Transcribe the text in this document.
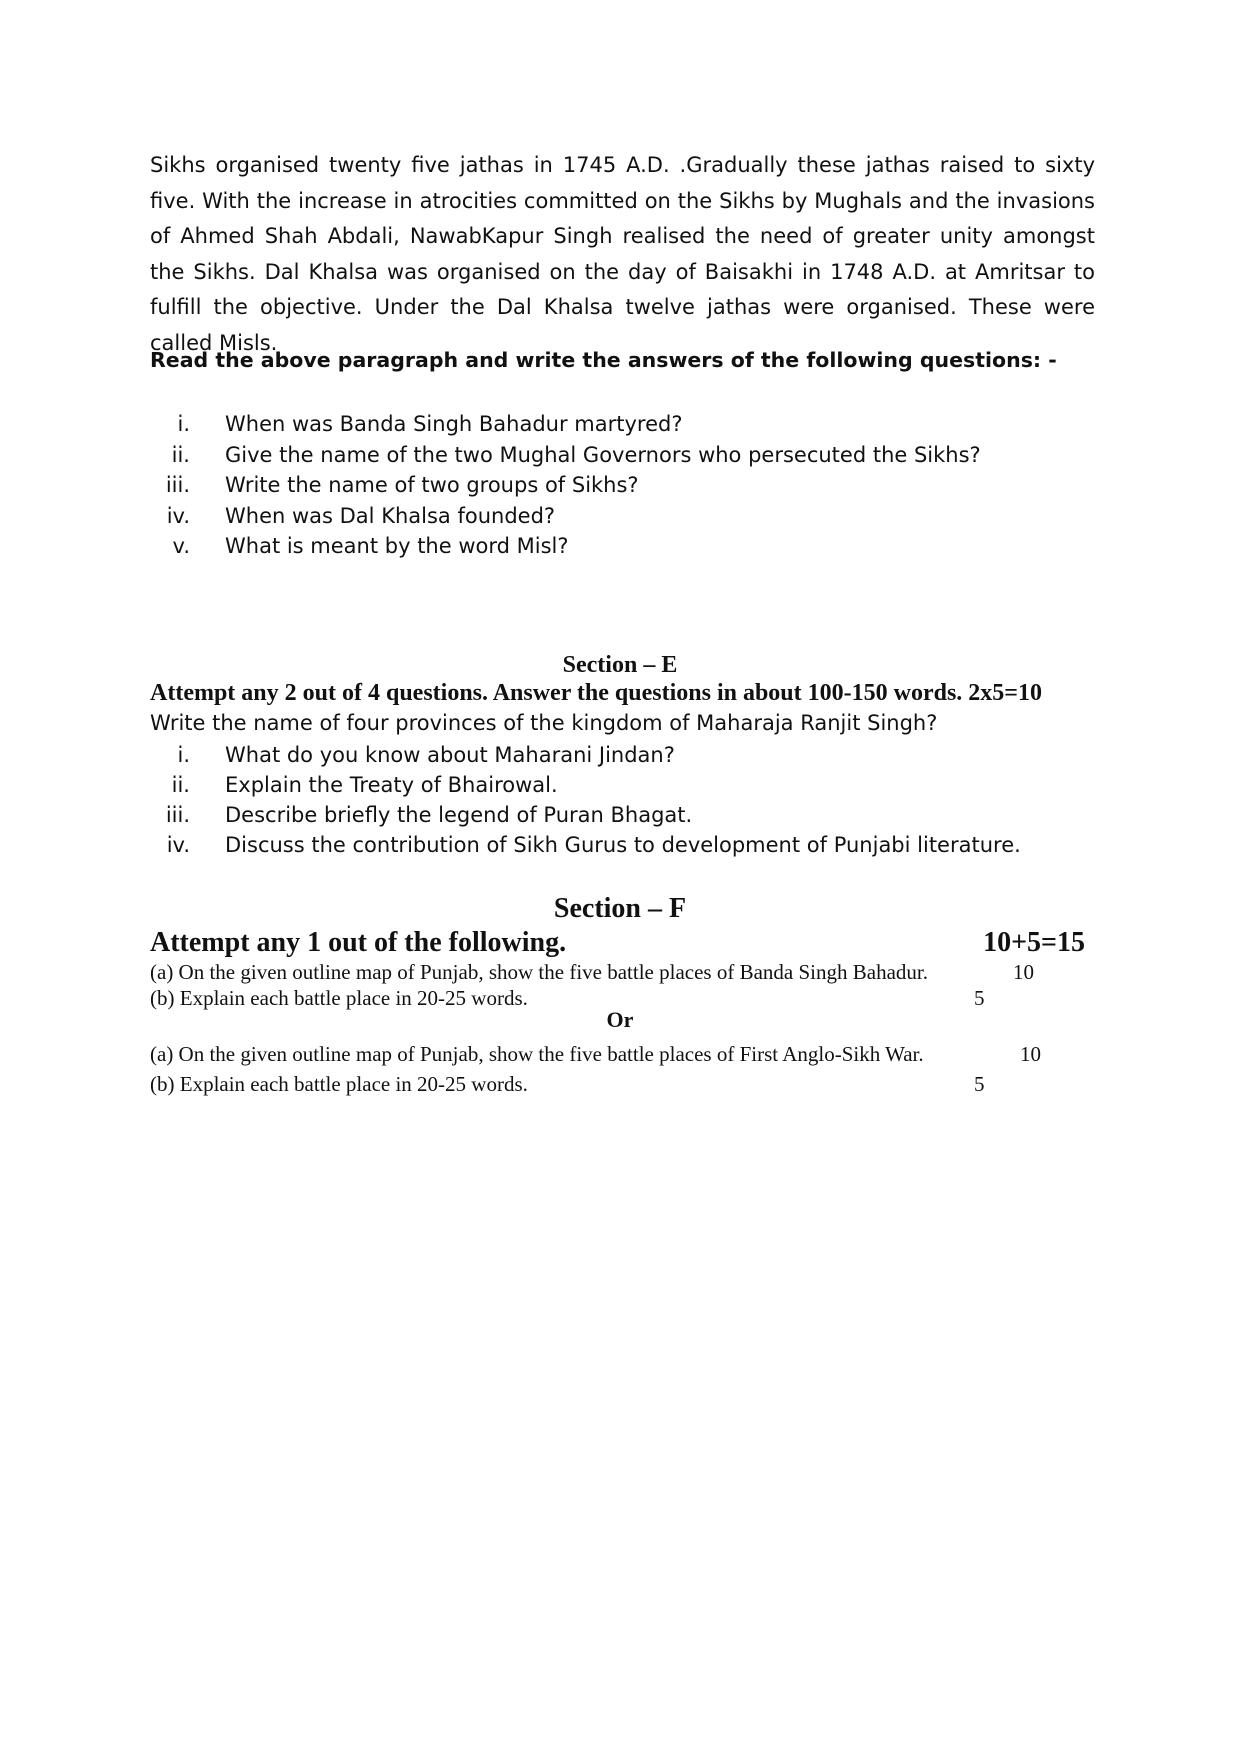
Sikhs organised twenty five jathas in 1745 A.D. .Gradually these jathas raised to sixty five. With the increase in atrocities committed on the Sikhs by Mughals and the invasions of Ahmed Shah Abdali, NawabKapur Singh realised the need of greater unity amongst the Sikhs. Dal Khalsa was organised on the day of Baisakhi in 1748 A.D. at Amritsar to fulfill the objective. Under the Dal Khalsa twelve jathas were organised. These were called Misls.

Read the above paragraph and write the answers of the following questions: -

i. When was Banda Singh Bahadur martyred?
ii. Give the name of the two Mughal Governors who persecuted the Sikhs?
iii. Write the name of two groups of Sikhs?
iv. When was Dal Khalsa founded?
v. What is meant by the word Misl?
Section – E

Attempt any 2 out of 4 questions. Answer the questions in about 100-150 words. 2x5=10

Write the name of four provinces of the kingdom of Maharaja Ranjit Singh?

i. What do you know about Maharani Jindan?
ii. Explain the Treaty of Bhairowal.
iii. Describe briefly the legend of Puran Bhagat.
iv. Discuss the contribution of Sikh Gurus to development of Punjabi literature.
Section – F
Attempt any 1 out of the following.	10+5=15
(a) On the given outline map of Punjab, show the five battle places of Banda Singh Bahadur.	10
(b) Explain each battle place in 20-25 words.	5

Or

(a) On the given outline map of Punjab, show the five battle places of First Anglo-Sikh War.	10
(b) Explain each battle place in 20-25 words.	5
